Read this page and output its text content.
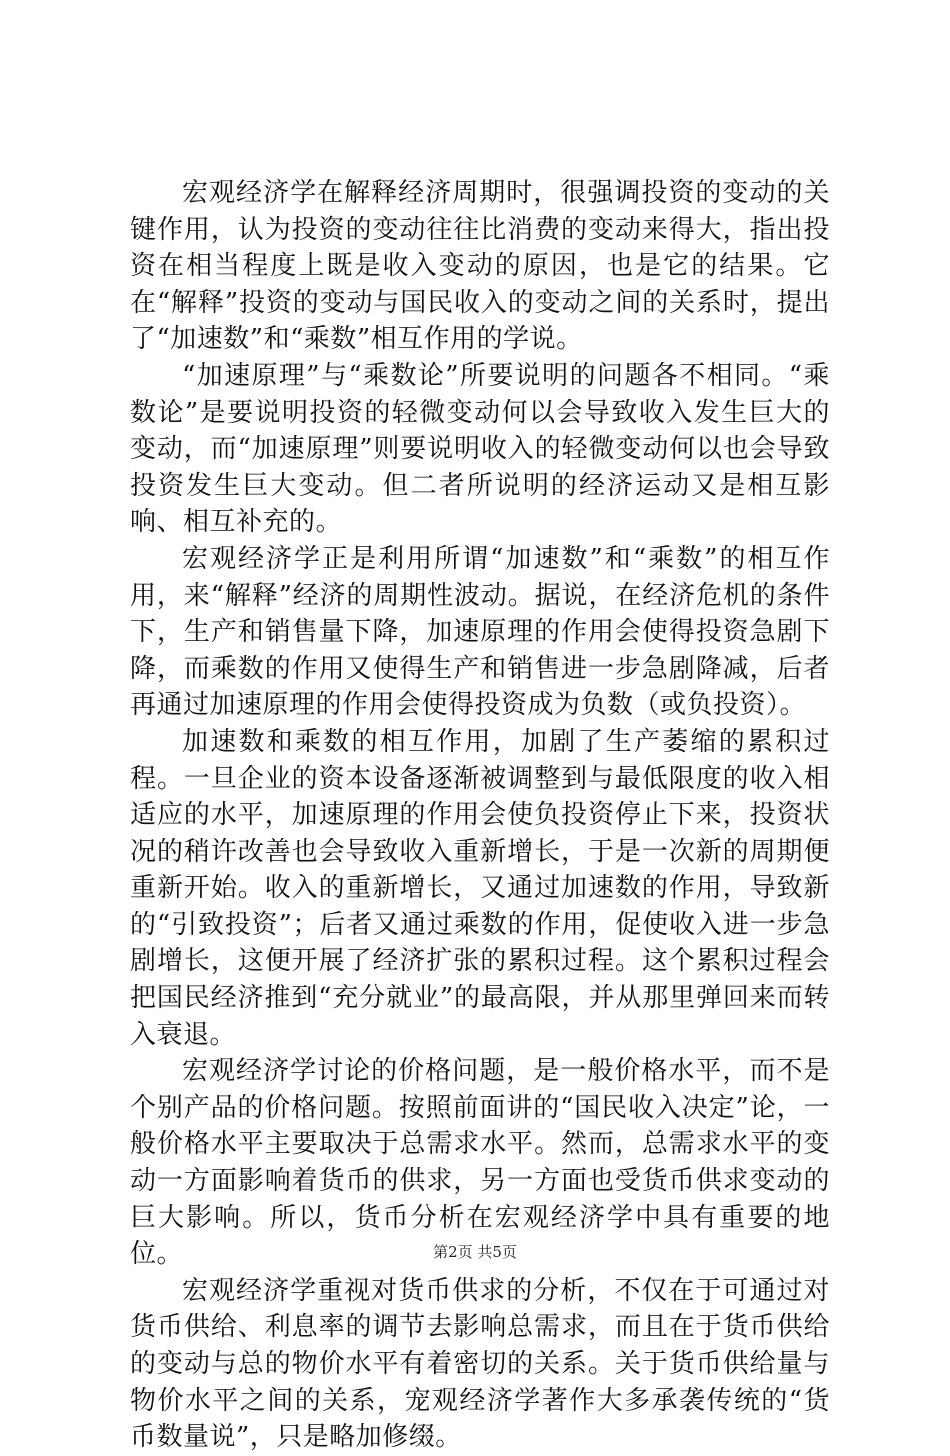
宏观经济学在解释经济周期时，很强调投资的变动的关键作用，认为投资的变动往往比消费的变动来得大，指出投资在相当程度上既是收入变动的原因，也是它的结果。它在“解释”投资的变动与国民收入的变动之间的关系时，提出了“加速数”和“乘数”相互作用的学说。

“加速原理”与“乘数论”所要说明的问题各不相同。“乘数论”是要说明投资的轻微变动何以会导致收入发生巨大的变动，而“加速原理”则要说明收入的轻微变动何以也会导致投资发生巨大变动。但二者所说明的经济运动又是相互影响、相互补充的。

宏观经济学正是利用所谓“加速数”和“乘数”的相互作用，来“解释”经济的周期性波动。据说，在经济危机的条件下，生产和销售量下降，加速原理的作用会使得投资急剧下降，而乘数的作用又使得生产和销售进一步急剧降减，后者再通过加速原理的作用会使得投资成为负数（或负投资）。

加速数和乘数的相互作用，加剧了生产萎缩的累积过程。一旦企业的资本设备逐渐被调整到与最低限度的收入相适应的水平，加速原理的作用会使负投资停止下来，投资状况的稍许改善也会导致收入重新增长，于是一次新的周期便重新开始。收入的重新增长，又通过加速数的作用，导致新的“引致投资”；后者又通过乘数的作用，促使收入进一步急剧增长，这便开展了经济扩张的累积过程。这个累积过程会把国民经济推到“充分就业”的最高限，并从那里弹回来而转入衰退。

宏观经济学讨论的价格问题，是一般价格水平，而不是个别产品的价格问题。按照前面讲的“国民收入决定”论，一般价格水平主要取决于总需求水平。然而，总需求水平的变动一方面影响着货币的供求，另一方面也受货币供求变动的巨大影响。所以，货币分析在宏观经济学中具有重要的地位。

宏观经济学重视对货币供求的分析，不仅在于可通过对货币供给、利息率的调节去影响总需求，而且在于货币供给的变动与总的物价水平有着密切的关系。关于货币供给量与物价水平之间的关系，宠观经济学著作大多承袭传统的“货币数量说”，只是略加修缀。

第2页 共5页
